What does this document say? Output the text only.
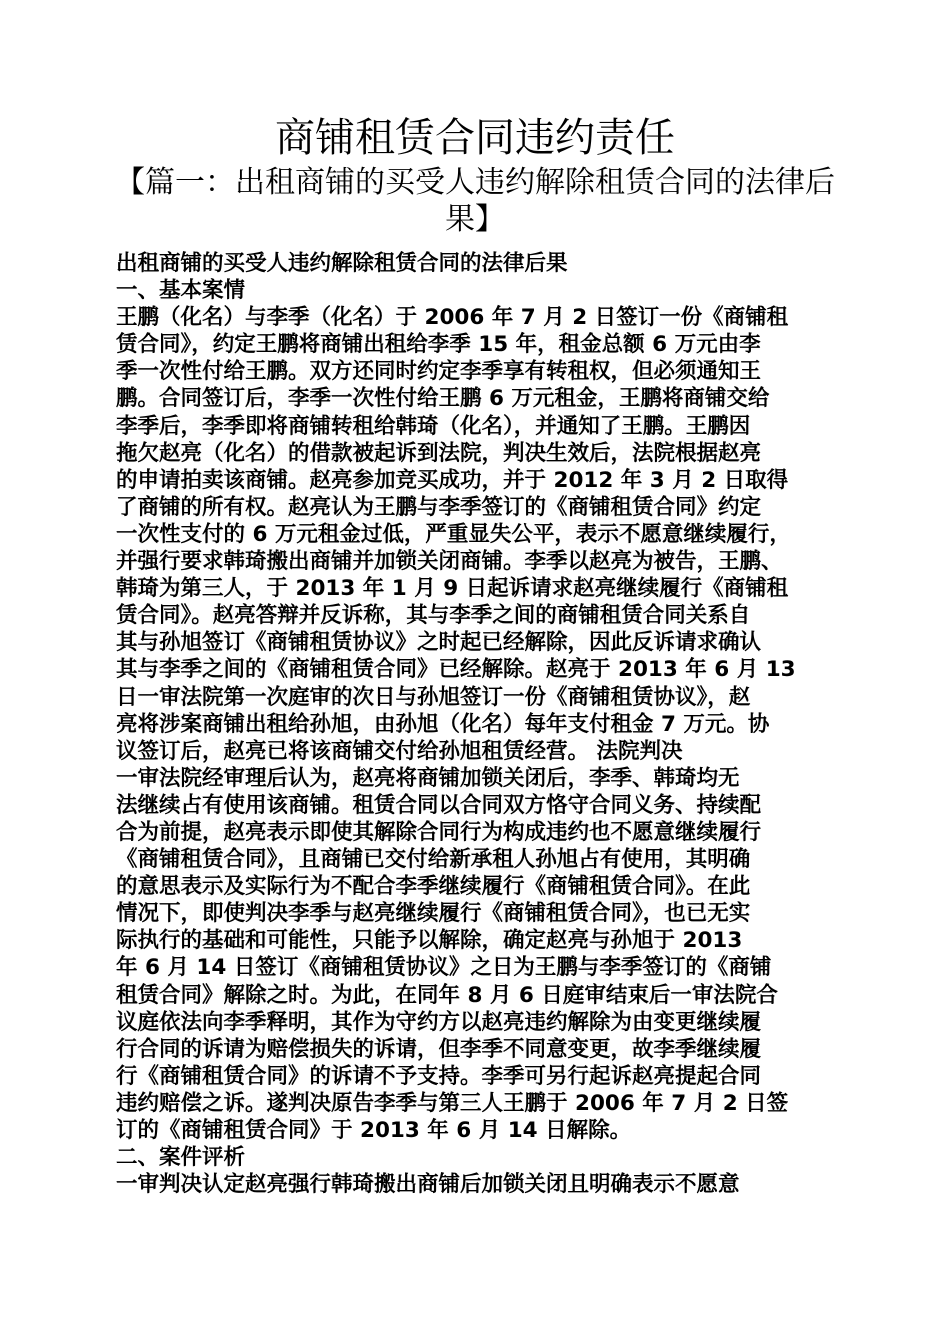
商铺租赁合同违约责任
【篇一：出租商铺的买受人违约解除租赁合同的法律后果】
出租商铺的买受人违约解除租赁合同的法律后果
一、基本案情
王鹏（化名）与李季（化名）于 2006 年 7 月 2 日签订一份《商铺租
赁合同》，约定王鹏将商铺出租给李季 15 年，租金总额 6 万元由李
季一次性付给王鹏。双方还同时约定李季享有转租权，但必须通知王
鹏。合同签订后，李季一次性付给王鹏 6 万元租金，王鹏将商铺交给
李季后，李季即将商铺转租给韩琦（化名），并通知了王鹏。王鹏因
拖欠赵亮（化名）的借款被起诉到法院，判决生效后，法院根据赵亮
的申请拍卖该商铺。赵亮参加竞买成功，并于 2012 年 3 月 2 日取得
了商铺的所有权。赵亮认为王鹏与李季签订的《商铺租赁合同》约定
一次性支付的 6 万元租金过低，严重显失公平，表示不愿意继续履行，
并强行要求韩琦搬出商铺并加锁关闭商铺。李季以赵亮为被告，王鹏、
韩琦为第三人，于 2013 年 1 月 9 日起诉请求赵亮继续履行《商铺租
赁合同》。赵亮答辩并反诉称，其与李季之间的商铺租赁合同关系自
其与孙旭签订《商铺租赁协议》之时起已经解除，因此反诉请求确认
其与李季之间的《商铺租赁合同》已经解除。赵亮于 2013 年 6 月 13
日一审法院第一次庭审的次日与孙旭签订一份《商铺租赁协议》，赵
亮将涉案商铺出租给孙旭，由孙旭（化名）每年支付租金 7 万元。协
议签订后，赵亮已将该商铺交付给孙旭租赁经营。 法院判决
一审法院经审理后认为，赵亮将商铺加锁关闭后，李季、韩琦均无
法继续占有使用该商铺。租赁合同以合同双方恪守合同义务、持续配
合为前提，赵亮表示即使其解除合同行为构成违约也不愿意继续履行
《商铺租赁合同》，且商铺已交付给新承租人孙旭占有使用，其明确
的意思表示及实际行为不配合李季继续履行《商铺租赁合同》。在此
情况下，即使判决李季与赵亮继续履行《商铺租赁合同》，也已无实
际执行的基础和可能性，只能予以解除，确定赵亮与孙旭于 2013
年 6 月 14 日签订《商铺租赁协议》之日为王鹏与李季签订的《商铺
租赁合同》解除之时。为此，在同年 8 月 6 日庭审结束后一审法院合
议庭依法向李季释明，其作为守约方以赵亮违约解除为由变更继续履
行合同的诉请为赔偿损失的诉请，但李季不同意变更，故李季继续履
行《商铺租赁合同》的诉请不予支持。李季可另行起诉赵亮提起合同
违约赔偿之诉。遂判决原告李季与第三人王鹏于 2006 年 7 月 2 日签
订的《商铺租赁合同》于 2013 年 6 月 14 日解除。
二、案件评析
一审判决认定赵亮强行韩琦搬出商铺后加锁关闭且明确表示不愿意
